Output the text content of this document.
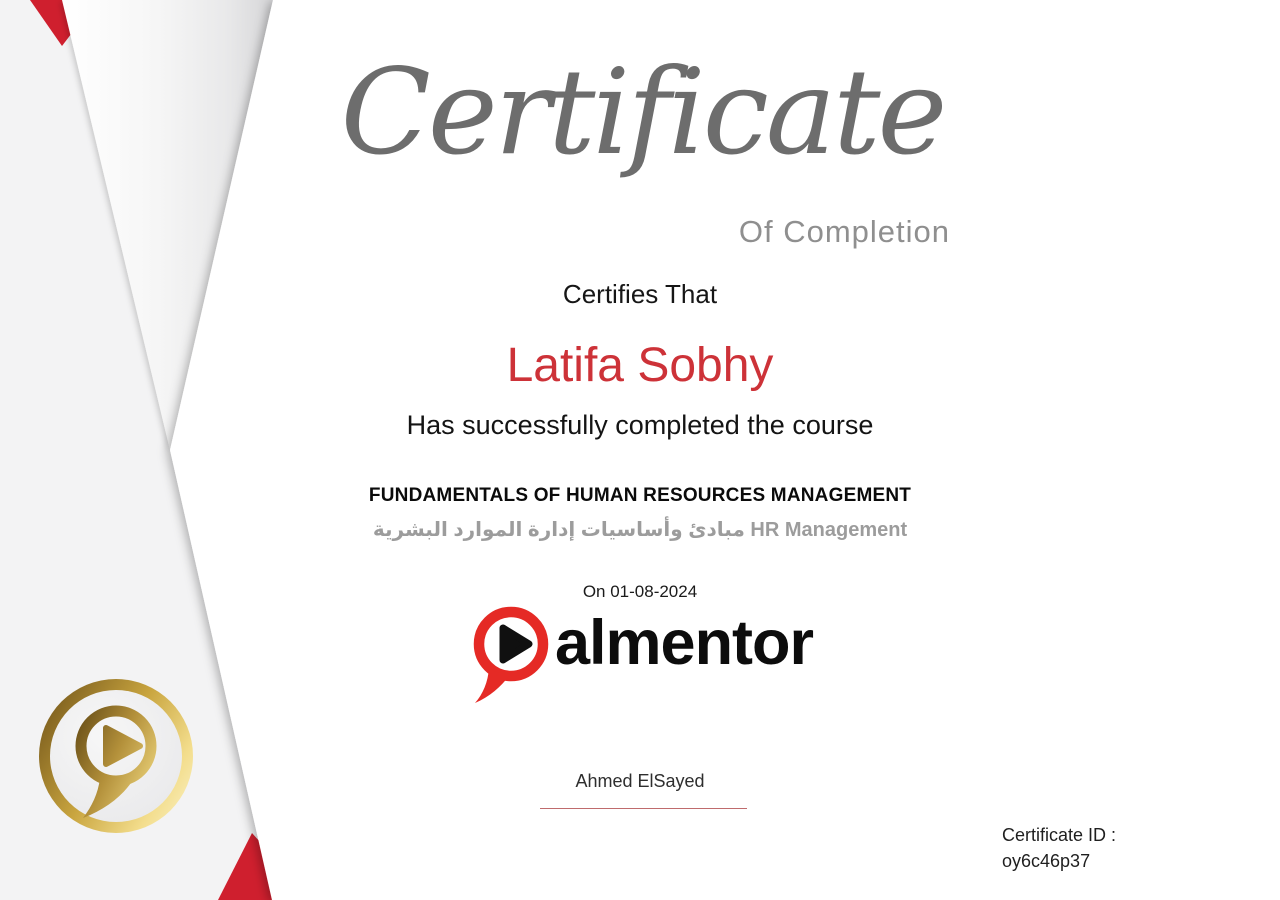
Certificate
Of Completion
Certifies That
Latifa Sobhy
Has successfully completed the course
FUNDAMENTALS OF HUMAN RESOURCES MANAGEMENT
مبادئ وأساسيات إدارة الموارد البشرية HR Management
On 01-08-2024
almentor
Ahmed ElSayed
Certificate ID :
oy6c46p37
